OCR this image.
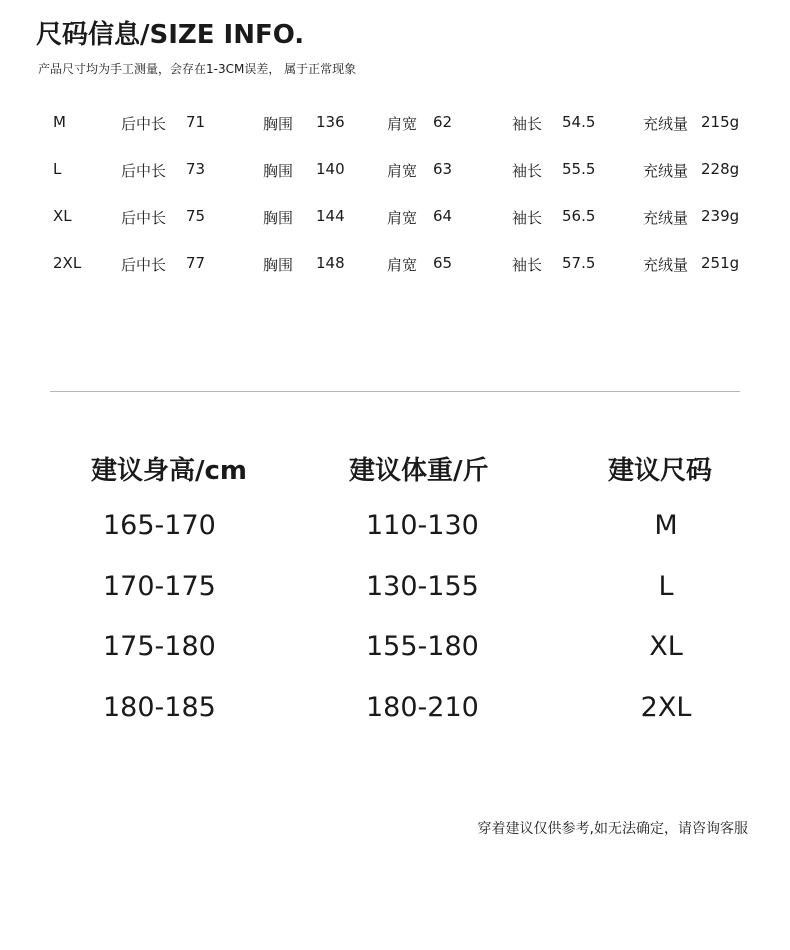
尺码信息/SIZE INFO.
产品尺寸均为手工测量，会存在1-3CM误差， 属于正常现象
M	后中长 71	胸围 136	肩宽 62	袖长 54.5	充绒量 215g
L	后中长 73	胸围 140	肩宽 63	袖长 55.5	充绒量 228g
XL	后中长 75	胸围 144	肩宽 64	袖长 56.5	充绒量 239g
2XL	后中长 77	胸围 148	肩宽 65	袖长 57.5	充绒量 251g
建议身高/cm	建议体重/斤	建议尺码
165-170	110-130	M
170-175	130-155	L
175-180	155-180	XL
180-185	180-210	2XL
穿着建议仅供参考,如无法确定，请咨询客服
